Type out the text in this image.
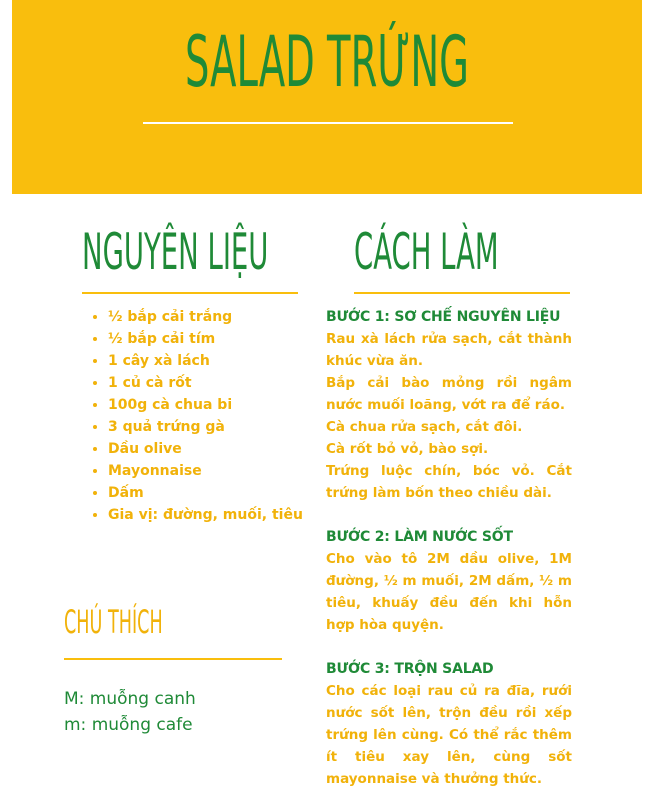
SALAD TRỨNG
NGUYÊN LIỆU
• ½ bắp cải trắng
• ½ bắp cải tím
• 1 cây xà lách
• 1 củ cà rốt
• 100g cà chua bi
• 3 quả trứng gà
• Dầu olive
• Mayonnaise
• Dấm
• Gia vị: đường, muối, tiêu
CHÚ THÍCH
M: muỗng canh
m: muỗng cafe
CÁCH LÀM
BƯỚC 1: SƠ CHẾ NGUYÊN LIỆU

Rau xà lách rửa sạch, cắt thành khúc vừa ăn.

Bắp cải bào mỏng rồi ngâm nước muối loãng, vớt ra để ráo.

Cà chua rửa sạch, cắt đôi.

Cà rốt bỏ vỏ, bào sợi.

Trứng luộc chín, bóc vỏ. Cắt trứng làm bốn theo chiều dài.

BƯỚC 2: LÀM NƯỚC SỐT

Cho vào tô 2M dầu olive, 1M đường, ½ m muối, 2M dấm, ½ m tiêu, khuấy đều đến khi hỗn hợp hòa quyện.

BƯỚC 3: TRỘN SALAD

Cho các loại rau củ ra đĩa, rưới nước sốt lên, trộn đều rồi xếp trứng lên cùng. Có thể rắc thêm ít tiêu xay lên, cùng sốt mayonnaise và thưởng thức.
